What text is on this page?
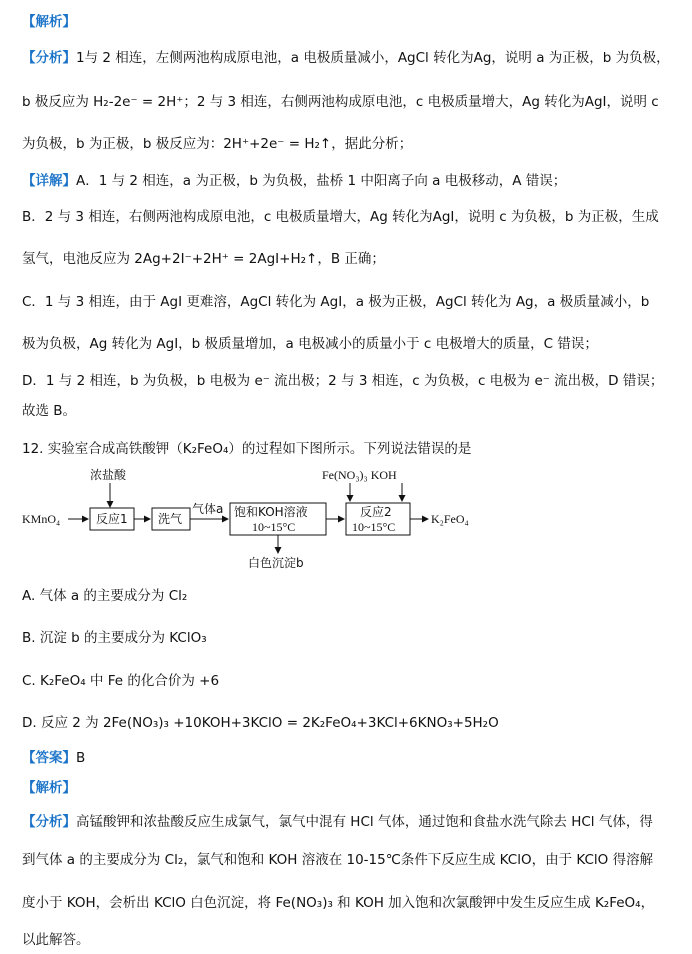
【解析】
【分析】1与 2 相连，左侧两池构成原电池，a 电极质量减小，AgCl 转化为Ag，说明 a 为正极，b 为负极，
b 极反应为 H₂-2e⁻ = 2H⁺；2 与 3 相连，右侧两池构成原电池，c 电极质量增大，Ag 转化为AgI，说明 c
为负极，b 为正极，b 极反应为：2H⁺+2e⁻ = H₂↑，据此分析；
【详解】A．1 与 2 相连，a 为正极，b 为负极，盐桥 1 中阳离子向 a 电极移动，A 错误；
B．2 与 3 相连，右侧两池构成原电池，c 电极质量增大，Ag 转化为AgI，说明 c 为负极，b 为正极，生成
氢气，电池反应为 2Ag+2I⁻+2H⁺ = 2AgI+H₂↑，B 正确；
C．1 与 3 相连，由于 AgI 更难溶，AgCl 转化为 AgI，a 极为正极，AgCl 转化为 Ag，a 极质量减小，b
极为负极，Ag 转化为 AgI，b 极质量增加，a 电极减小的质量小于 c 电极增大的质量，C 错误；
D．1 与 2 相连，b 为负极，b 电极为 e⁻ 流出极；2 与 3 相连，c 为负极，c 电极为 e⁻ 流出极，D 错误；
故选 B。
12. 实验室合成高铁酸钾（K₂FeO₄）的过程如下图所示。下列说法错误的是
KMnO₄
浓盐酸
反应1	洗气
气体a 饱和KOH溶液
10~15°C
白色沉淀b
Fe(NO₃)₃ KOH
反应2
10~15°C
K₂FeO₄
A. 气体 a 的主要成分为 Cl₂
B. 沉淀 b 的主要成分为 KClO₃
C. K₂FeO₄ 中 Fe 的化合价为 +6
D. 反应 2 为 2Fe(NO₃)₃ +10KOH+3KClO = 2K₂FeO₄+3KCl+6KNO₃+5H₂O
【答案】B
【解析】
【分析】高锰酸钾和浓盐酸反应生成氯气，氯气中混有 HCl 气体，通过饱和食盐水洗气除去 HCl 气体，得
到气体 a 的主要成分为 Cl₂，氯气和饱和 KOH 溶液在 10-15℃条件下反应生成 KClO，由于 KClO 得溶解
度小于 KOH，会析出 KClO 白色沉淀，将 Fe(NO₃)₃ 和 KOH 加入饱和次氯酸钾中发生反应生成 K₂FeO₄，
以此解答。
